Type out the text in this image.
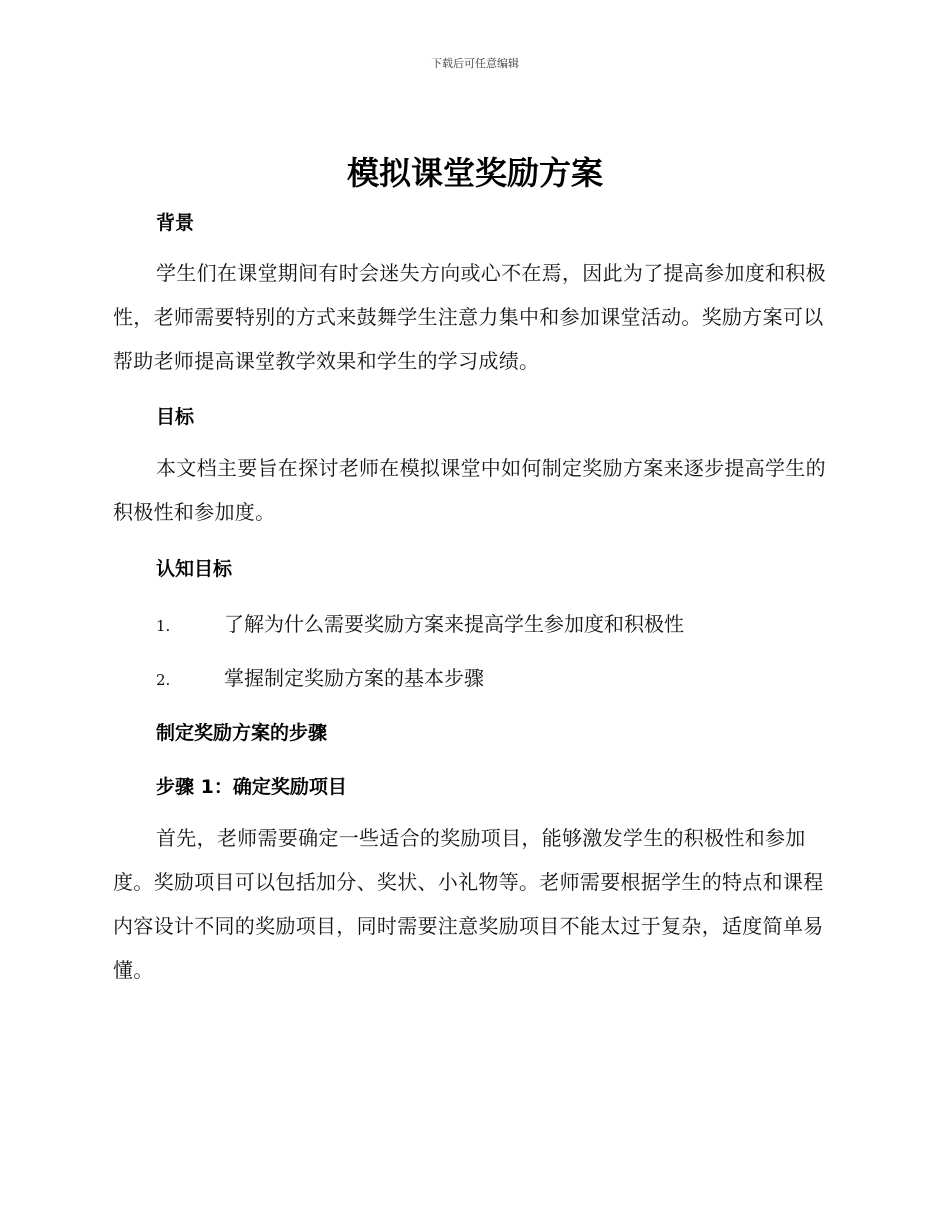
下载后可任意编辑
模拟课堂奖励方案
背景

学生们在课堂期间有时会迷失方向或心不在焉，因此为了提高参加度和积极性，老师需要特别的方式来鼓舞学生注意力集中和参加课堂活动。奖励方案可以帮助老师提高课堂教学效果和学生的学习成绩。

目标

本文档主要旨在探讨老师在模拟课堂中如何制定奖励方案来逐步提高学生的积极性和参加度。

认知目标

1.	了解为什么需要奖励方案来提高学生参加度和积极性

2.	掌握制定奖励方案的基本步骤

制定奖励方案的步骤
步骤 1：确定奖励项目

首先，老师需要确定一些适合的奖励项目，能够激发学生的积极性和参加度。奖励项目可以包括加分、奖状、小礼物等。老师需要根据学生的特点和课程内容设计不同的奖励项目，同时需要注意奖励项目不能太过于复杂，适度简单易懂。
